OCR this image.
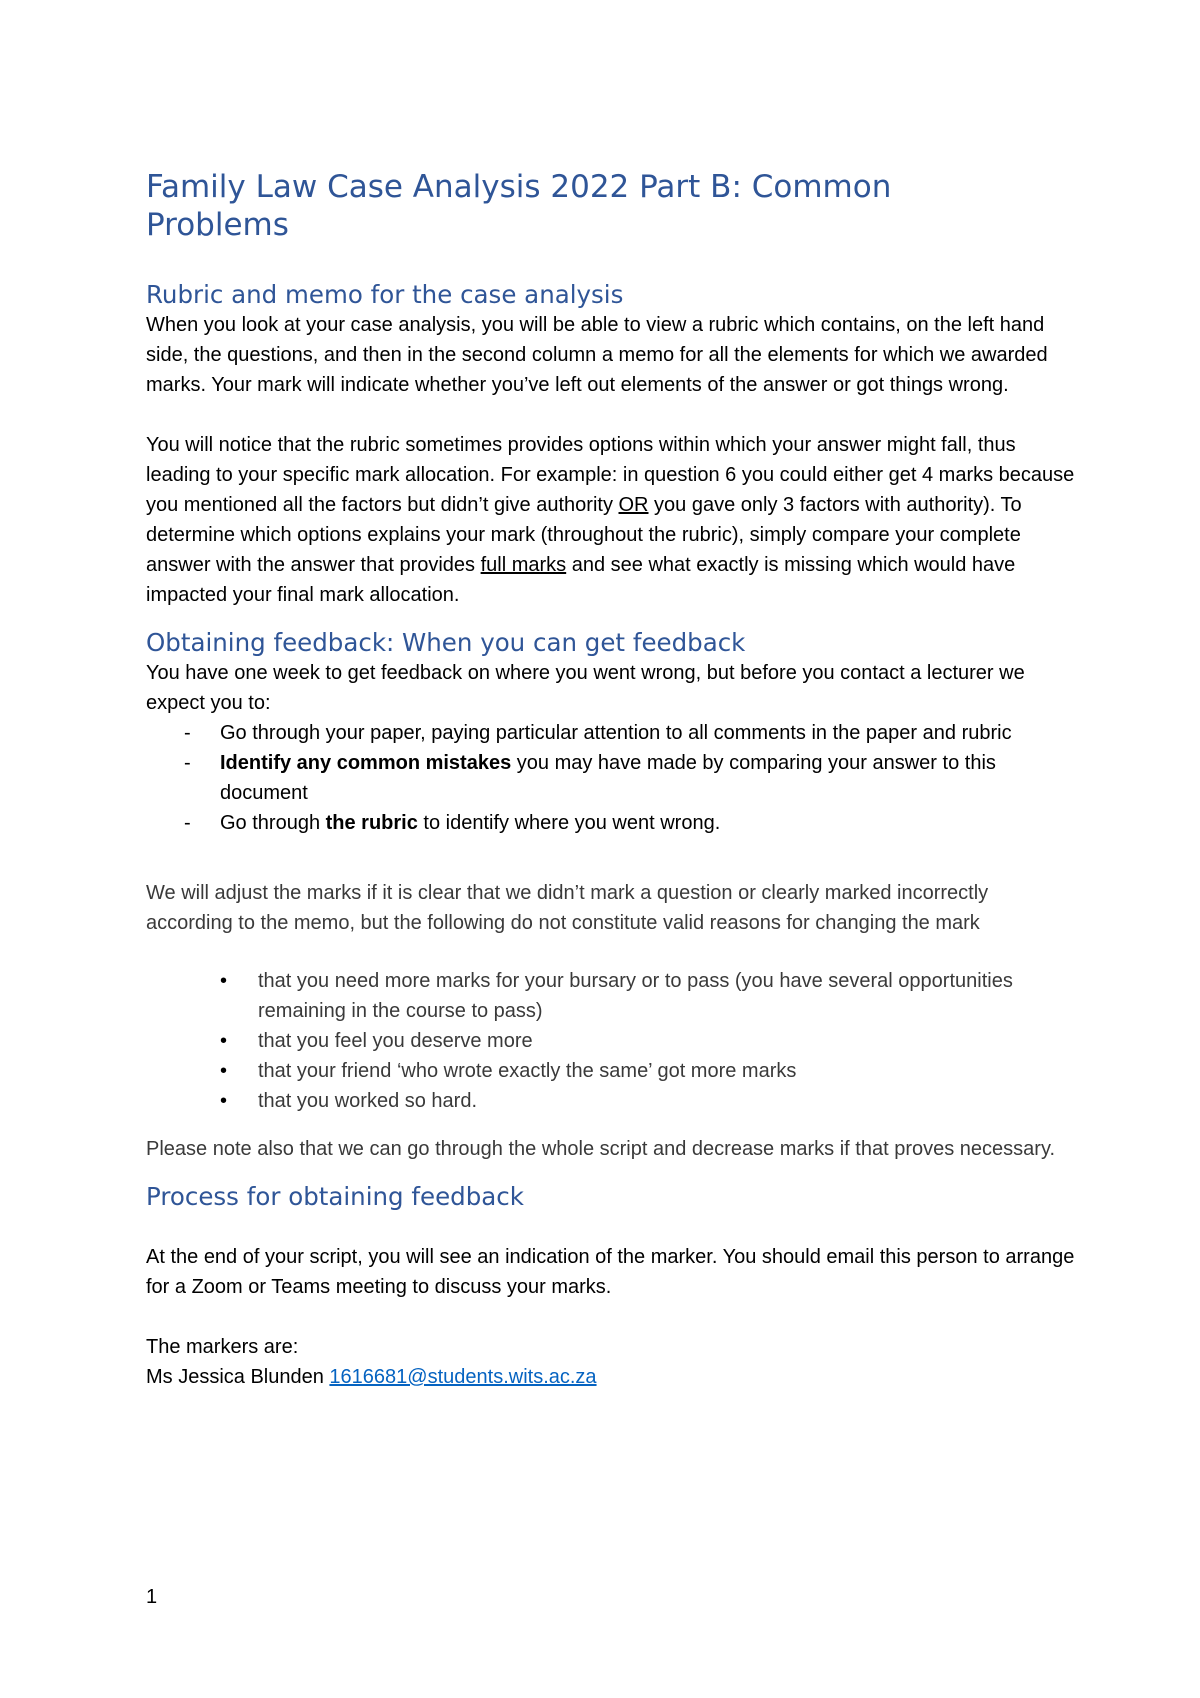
Family Law Case Analysis 2022 Part B: Common Problems
Rubric and memo for the case analysis

When you look at your case analysis, you will be able to view a rubric which contains, on the left hand side, the questions, and then in the second column a memo for all the elements for which we awarded marks. Your mark will indicate whether you’ve left out elements of the answer or got things wrong.

You will notice that the rubric sometimes provides options within which your answer might fall, thus leading to your specific mark allocation. For example: in question 6 you could either get 4 marks because you mentioned all the factors but didn’t give authority OR you gave only 3 factors with authority). To determine which options explains your mark (throughout the rubric), simply compare your complete answer with the answer that provides full marks and see what exactly is missing which would have impacted your final mark allocation.

Obtaining feedback: When you can get feedback

You have one week to get feedback on where you went wrong, but before you contact a lecturer we expect you to:

- Go through your paper, paying particular attention to all comments in the paper and rubric
- Identify any common mistakes you may have made by comparing your answer to this document
- Go through the rubric to identify where you went wrong.

We will adjust the marks if it is clear that we didn’t mark a question or clearly marked incorrectly according to the memo, but the following do not constitute valid reasons for changing the mark

• that you need more marks for your bursary or to pass (you have several opportunities remaining in the course to pass)
• that you feel you deserve more
• that your friend ‘who wrote exactly the same’ got more marks
• that you worked so hard.

Please note also that we can go through the whole script and decrease marks if that proves necessary.

Process for obtaining feedback

At the end of your script, you will see an indication of the marker. You should email this person to arrange for a Zoom or Teams meeting to discuss your marks.

The markers are:

Ms Jessica Blunden 1616681@students.wits.ac.za

1
